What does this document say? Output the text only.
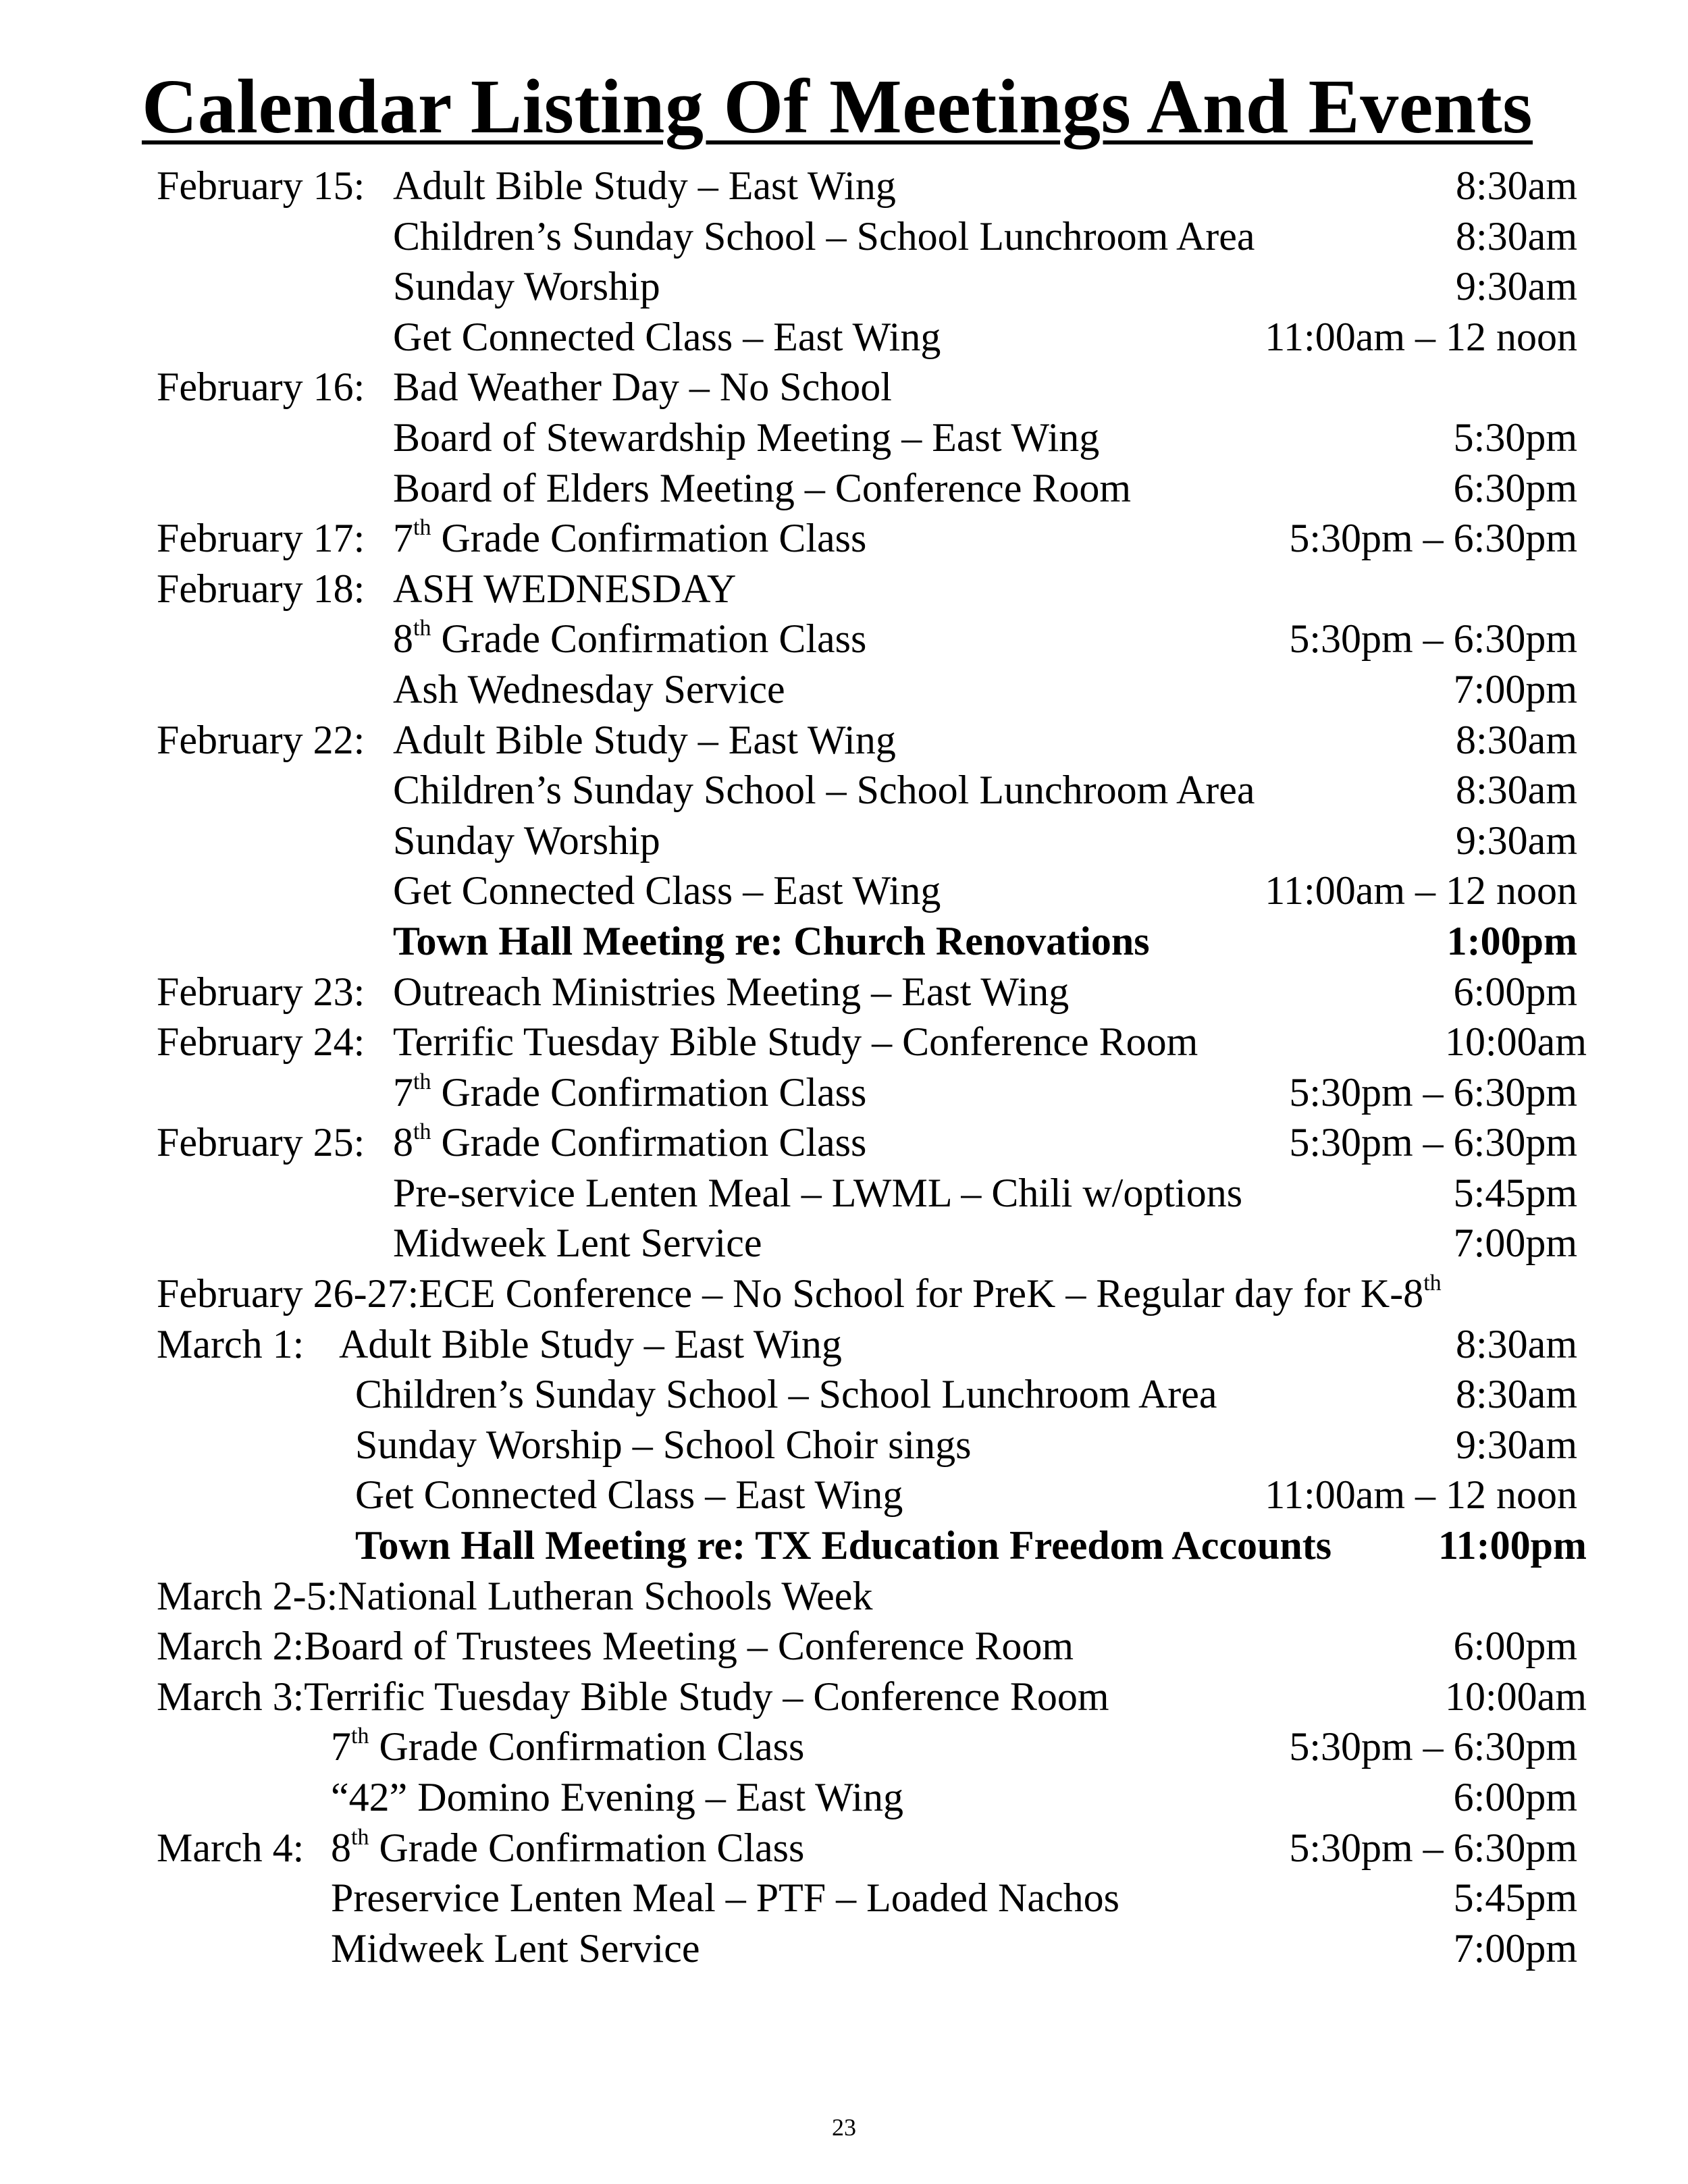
Calendar Listing Of Meetings And Events
February 15: Adult Bible Study – East Wing	8:30am
Children’s Sunday School – School Lunchroom Area	8:30am
Sunday Worship	9:30am
Get Connected Class – East Wing	11:00am – 12 noon
February 16: Bad Weather Day – No School
Board of Stewardship Meeting – East Wing	5:30pm
Board of Elders Meeting – Conference Room	6:30pm
February 17: 7th Grade Confirmation Class	5:30pm – 6:30pm
February 18: ASH WEDNESDAY
8th Grade Confirmation Class	5:30pm – 6:30pm
Ash Wednesday Service	7:00pm
February 22: Adult Bible Study – East Wing	8:30am
Children’s Sunday School – School Lunchroom Area	8:30am
Sunday Worship	9:30am
Get Connected Class – East Wing	11:00am – 12 noon
Town Hall Meeting re: Church Renovations	1:00pm
February 23: Outreach Ministries Meeting – East Wing	6:00pm
February 24: Terrific Tuesday Bible Study – Conference Room	10:00am
7th Grade Confirmation Class	5:30pm – 6:30pm
February 25: 8th Grade Confirmation Class	5:30pm – 6:30pm
Pre-service Lenten Meal – LWML – Chili w/options	5:45pm
Midweek Lent Service	7:00pm
February 26-27: ECE Conference – No School for PreK – Regular day for K-8th
March 1: Adult Bible Study – East Wing	8:30am
Children’s Sunday School – School Lunchroom Area	8:30am
Sunday Worship – School Choir sings	9:30am
Get Connected Class – East Wing	11:00am – 12 noon
Town Hall Meeting re: TX Education Freedom Accounts	11:00pm
March 2-5: National Lutheran Schools Week
March 2: Board of Trustees Meeting – Conference Room	6:00pm
March 3: Terrific Tuesday Bible Study – Conference Room	10:00am
7th Grade Confirmation Class	5:30pm – 6:30pm
“42” Domino Evening – East Wing	6:00pm
March 4: 8th Grade Confirmation Class	5:30pm – 6:30pm
Preservice Lenten Meal – PTF – Loaded Nachos	5:45pm
Midweek Lent Service	7:00pm
23
